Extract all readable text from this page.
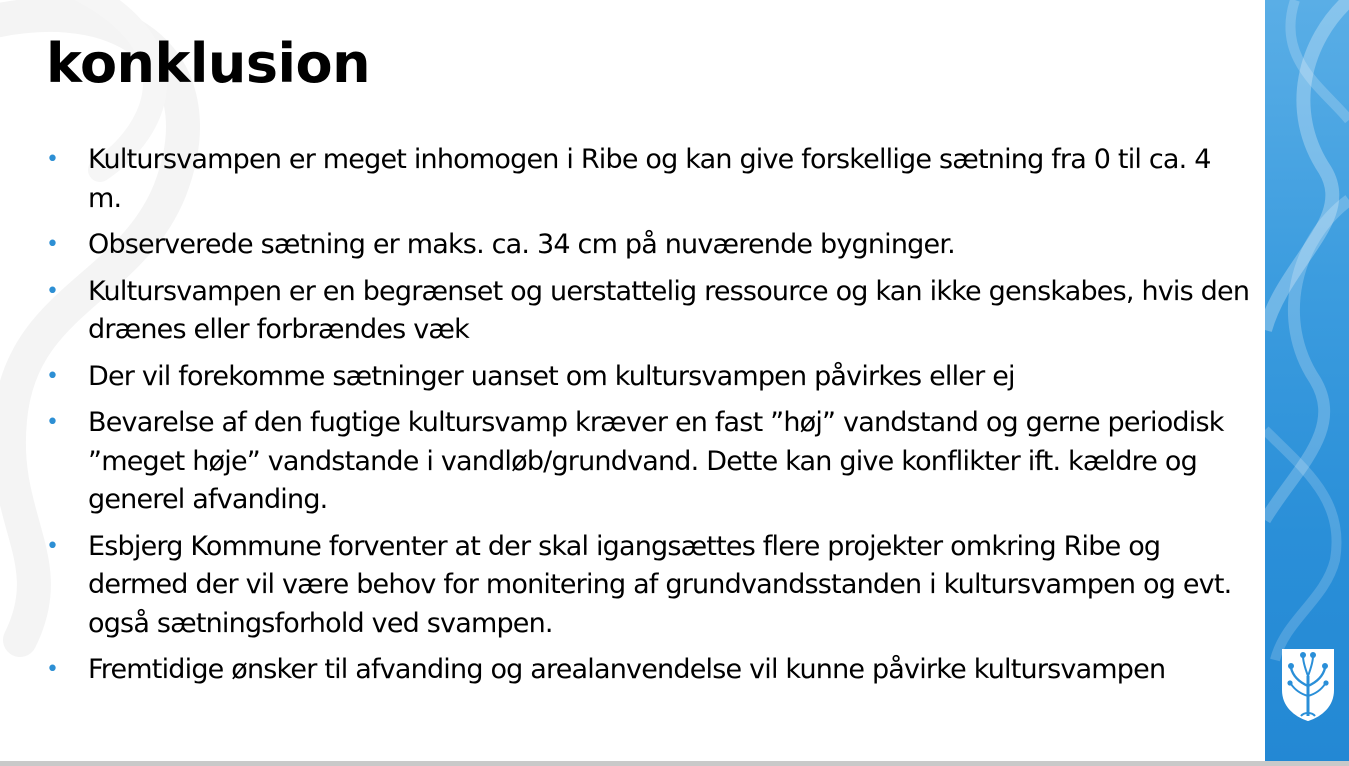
konklusion
• Kultursvampen er meget inhomogen i Ribe og kan give forskellige sætning fra 0 til ca. 4 m.
• Observerede sætning er maks. ca. 34 cm på nuværende bygninger.
• Kultursvampen er en begrænset og uerstattelig ressource og kan ikke genskabes, hvis den drænes eller forbrændes væk
• Der vil forekomme sætninger uanset om kultursvampen påvirkes eller ej
• Bevarelse af den fugtige kultursvamp kræver en fast ”høj” vandstand og gerne periodisk ”meget høje” vandstande i vandløb/grundvand. Dette kan give konflikter ift. kældre og generel afvanding.
• Esbjerg Kommune forventer at der skal igangsættes flere projekter omkring Ribe og dermed der vil være behov for monitering af grundvandsstanden i kultursvampen og evt. også sætningsforhold ved svampen.
• Fremtidige ønsker til afvanding og arealanvendelse vil kunne påvirke kultursvampen
